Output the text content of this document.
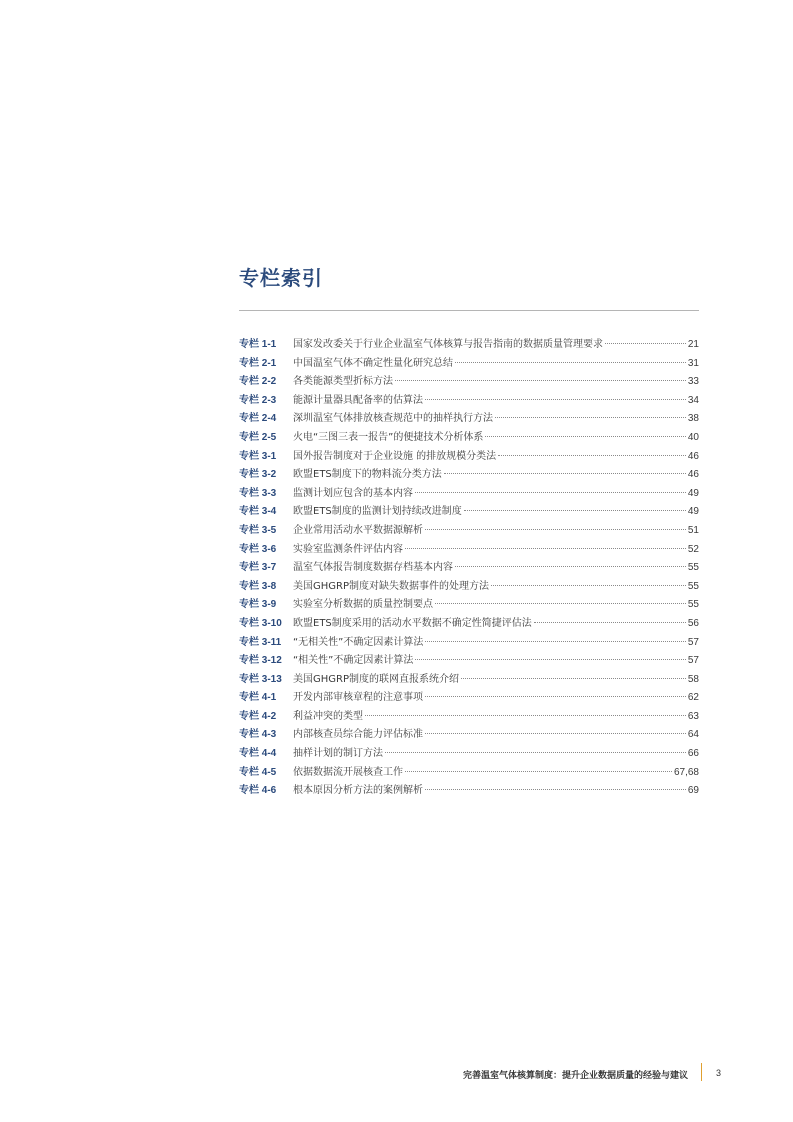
专栏索引
专栏 1-1	国家发改委关于行业企业温室气体核算与报告指南的数据质量管理要求	21
专栏 2-1	中国温室气体不确定性量化研究总结	31
专栏 2-2	各类能源类型折标方法	33
专栏 2-3	能源计量器具配备率的估算法	34
专栏 2-4	深圳温室气体排放核查规范中的抽样执行方法	38
专栏 2-5	火电“三图三表一报告”的便捷技术分析体系	40
专栏 3-1	国外报告制度对于企业设施 的排放规模分类法	46
专栏 3-2	欧盟ETS制度下的物料流分类方法	46
专栏 3-3	监测计划应包含的基本内容	49
专栏 3-4	欧盟ETS制度的监测计划持续改进制度	49
专栏 3-5	企业常用活动水平数据源解析	51
专栏 3-6	实验室监测条件评估内容	52
专栏 3-7	温室气体报告制度数据存档基本内容	55
专栏 3-8	美国GHGRP制度对缺失数据事件的处理方法	55
专栏 3-9	实验室分析数据的质量控制要点	55
专栏 3-10	欧盟ETS制度采用的活动水平数据不确定性简捷评估法	56
专栏 3-11	“无相关性”不确定因素计算法	57
专栏 3-12	“相关性”不确定因素计算法	57
专栏 3-13	美国GHGRP制度的联网直报系统介绍	58
专栏 4-1	开发内部审核章程的注意事项	62
专栏 4-2	利益冲突的类型	63
专栏 4-3	内部核查员综合能力评估标准	64
专栏 4-4	抽样计划的制订方法	66
专栏 4-5	依据数据流开展核查工作	67,68
专栏 4-6	根本原因分析方法的案例解析	69
完善温室气体核算制度：提升企业数据质量的经验与建议	3
